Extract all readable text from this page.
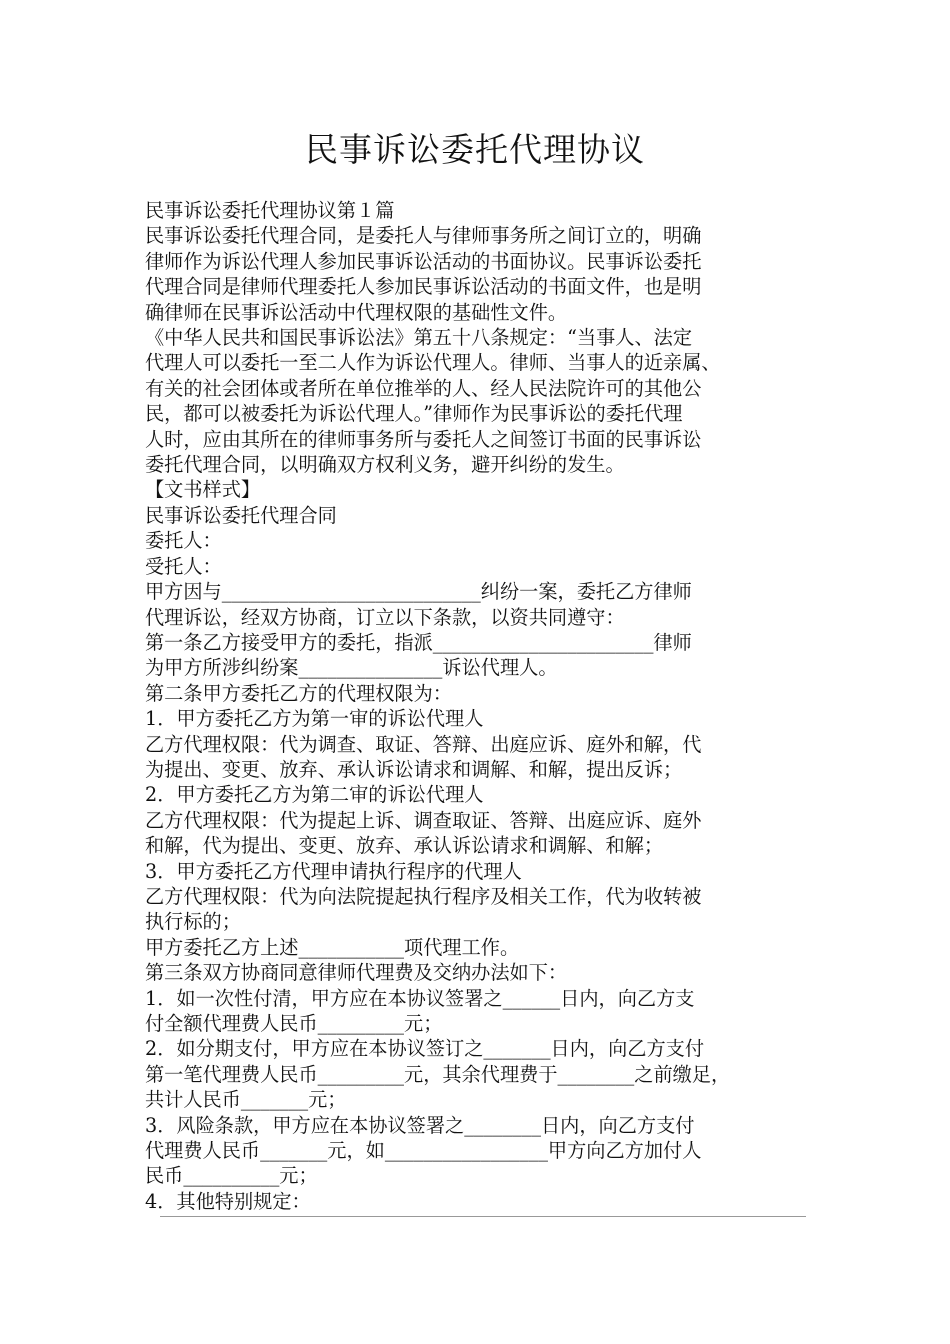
民事诉讼委托代理协议

民事诉讼委托代理协议第１篇

民事诉讼委托代理合同，是委托人与律师事务所之间订立的，明确

律师作为诉讼代理人参加民事诉讼活动的书面协议。民事诉讼委托

代理合同是律师代理委托人参加民事诉讼活动的书面文件，也是明

确律师在民事诉讼活动中代理权限的基础性文件。

《中华人民共和国民事诉讼法》第五十八条规定：“当事人、法定

代理人可以委托一至二人作为诉讼代理人。律师、当事人的近亲属、

有关的社会团体或者所在单位推举的人、经人民法院许可的其他公

民，都可以被委托为诉讼代理人。”律师作为民事诉讼的委托代理

人时，应由其所在的律师事务所与委托人之间签订书面的民事诉讼

委托代理合同，以明确双方权利义务，避开纠纷的发生。

【文书样式】

民事诉讼委托代理合同

委托人：

受托人：

甲方因与___________________________纠纷一案，委托乙方律师

代理诉讼，经双方协商，订立以下条款，以资共同遵守：

第一条乙方接受甲方的委托，指派_______________________律师

为甲方所涉纠纷案_______________诉讼代理人。

第二条甲方委托乙方的代理权限为：

1．甲方委托乙方为第一审的诉讼代理人

乙方代理权限：代为调查、取证、答辩、出庭应诉、庭外和解，代

为提出、变更、放弃、承认诉讼请求和调解、和解，提出反诉；

2．甲方委托乙方为第二审的诉讼代理人

乙方代理权限：代为提起上诉、调查取证、答辩、出庭应诉、庭外

和解，代为提出、变更、放弃、承认诉讼请求和调解、和解；

3．甲方委托乙方代理申请执行程序的代理人

乙方代理权限：代为向法院提起执行程序及相关工作，代为收转被

执行标的；

甲方委托乙方上述___________项代理工作。

第三条双方协商同意律师代理费及交纳办法如下：

1．如一次性付清，甲方应在本协议签署之______日内，向乙方支

付全额代理费人民币_________元；

2．如分期支付，甲方应在本协议签订之_______日内，向乙方支付

第一笔代理费人民币_________元，其余代理费于________之前缴足，

共计人民币_______元；

3．风险条款，甲方应在本协议签署之________日内，向乙方支付

代理费人民币_______元，如_________________甲方向乙方加付人

民币__________元；

4．其他特别规定：
